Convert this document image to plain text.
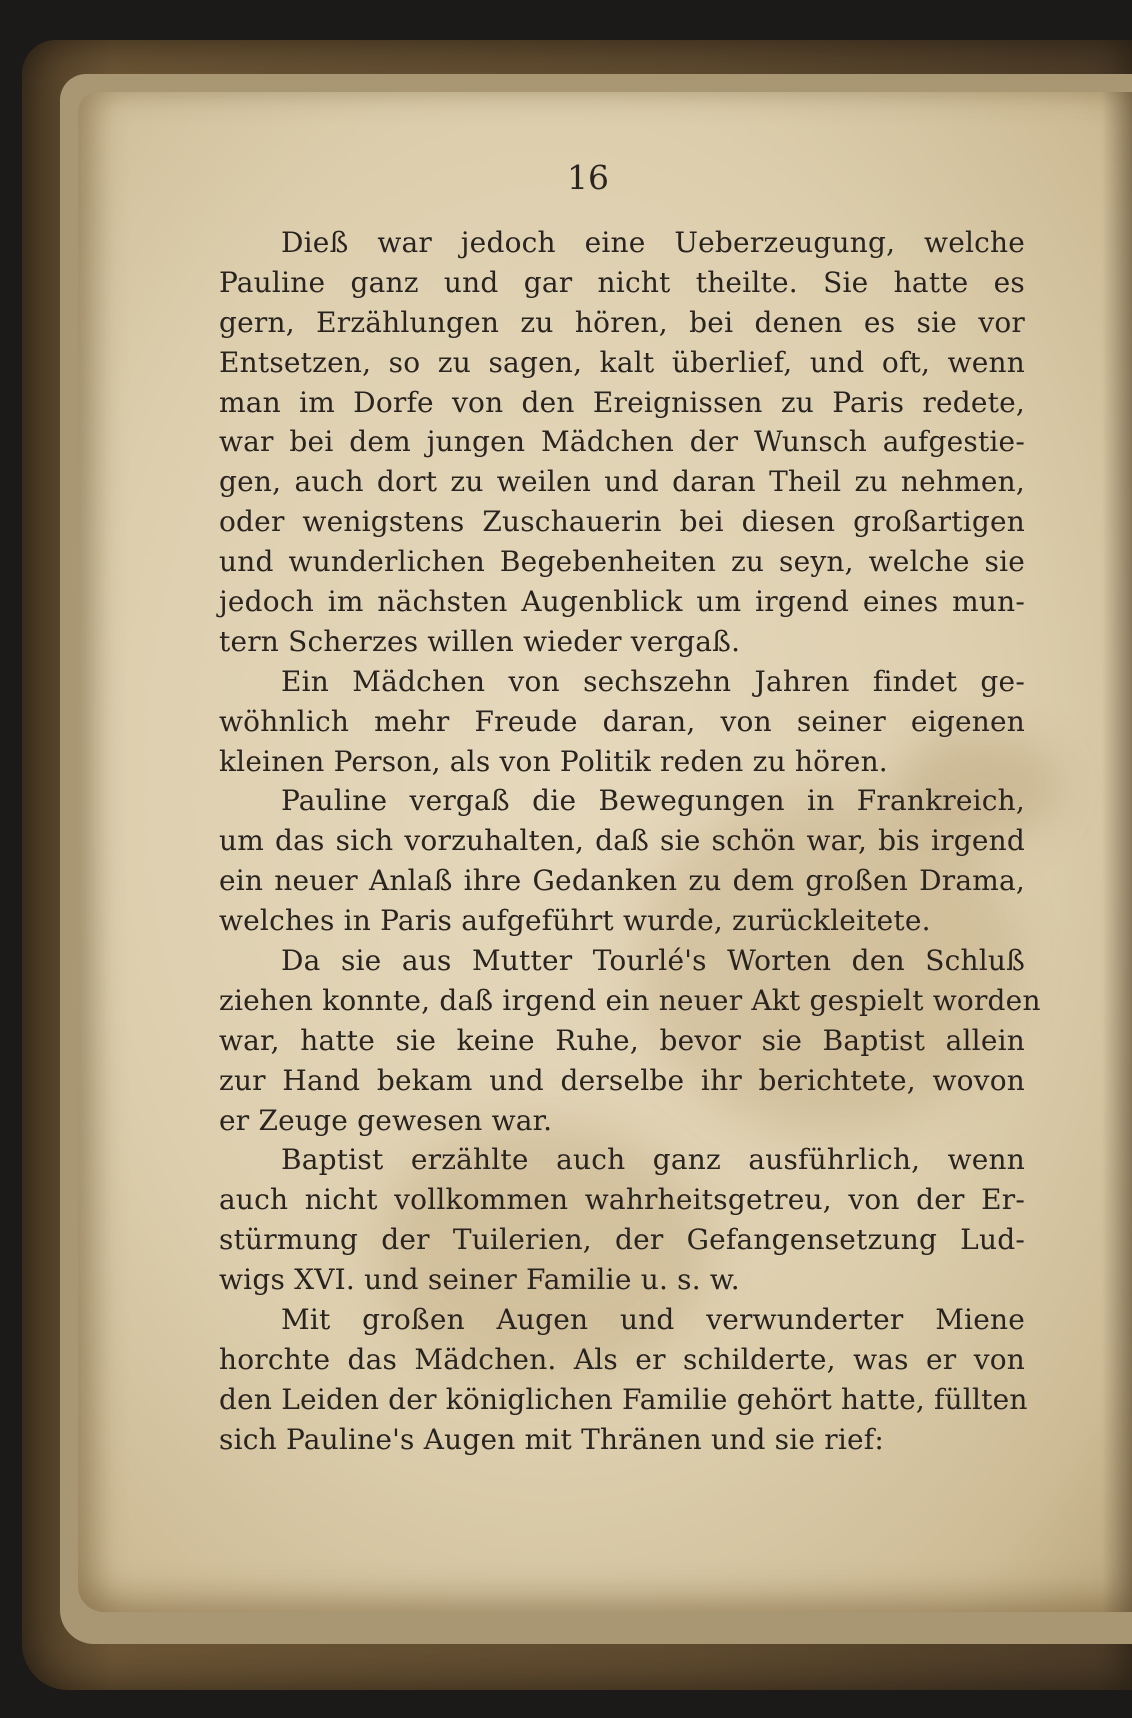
16
Dieß war jedoch eine Ueberzeugung, welche
Pauline ganz und gar nicht theilte. Sie hatte es
gern, Erzählungen zu hören, bei denen es sie vor
Entsetzen, so zu sagen, kalt überlief, und oft, wenn
man im Dorfe von den Ereignissen zu Paris redete,
war bei dem jungen Mädchen der Wunsch aufgestie-
gen, auch dort zu weilen und daran Theil zu nehmen,
oder wenigstens Zuschauerin bei diesen großartigen
und wunderlichen Begebenheiten zu seyn, welche sie
jedoch im nächsten Augenblick um irgend eines mun-
tern Scherzes willen wieder vergaß.
Ein Mädchen von sechszehn Jahren findet ge-
wöhnlich mehr Freude daran, von seiner eigenen
kleinen Person, als von Politik reden zu hören.
Pauline vergaß die Bewegungen in Frankreich,
um das sich vorzuhalten, daß sie schön war, bis irgend
ein neuer Anlaß ihre Gedanken zu dem großen Drama,
welches in Paris aufgeführt wurde, zurückleitete.
Da sie aus Mutter Tourlé's Worten den Schluß
ziehen konnte, daß irgend ein neuer Akt gespielt worden
war, hatte sie keine Ruhe, bevor sie Baptist allein
zur Hand bekam und derselbe ihr berichtete, wovon
er Zeuge gewesen war.
Baptist erzählte auch ganz ausführlich, wenn
auch nicht vollkommen wahrheitsgetreu, von der Er-
stürmung der Tuilerien, der Gefangensetzung Lud-
wigs XVI. und seiner Familie u. s. w.
Mit großen Augen und verwunderter Miene
horchte das Mädchen. Als er schilderte, was er von
den Leiden der königlichen Familie gehört hatte, füllten
sich Pauline's Augen mit Thränen und sie rief:
